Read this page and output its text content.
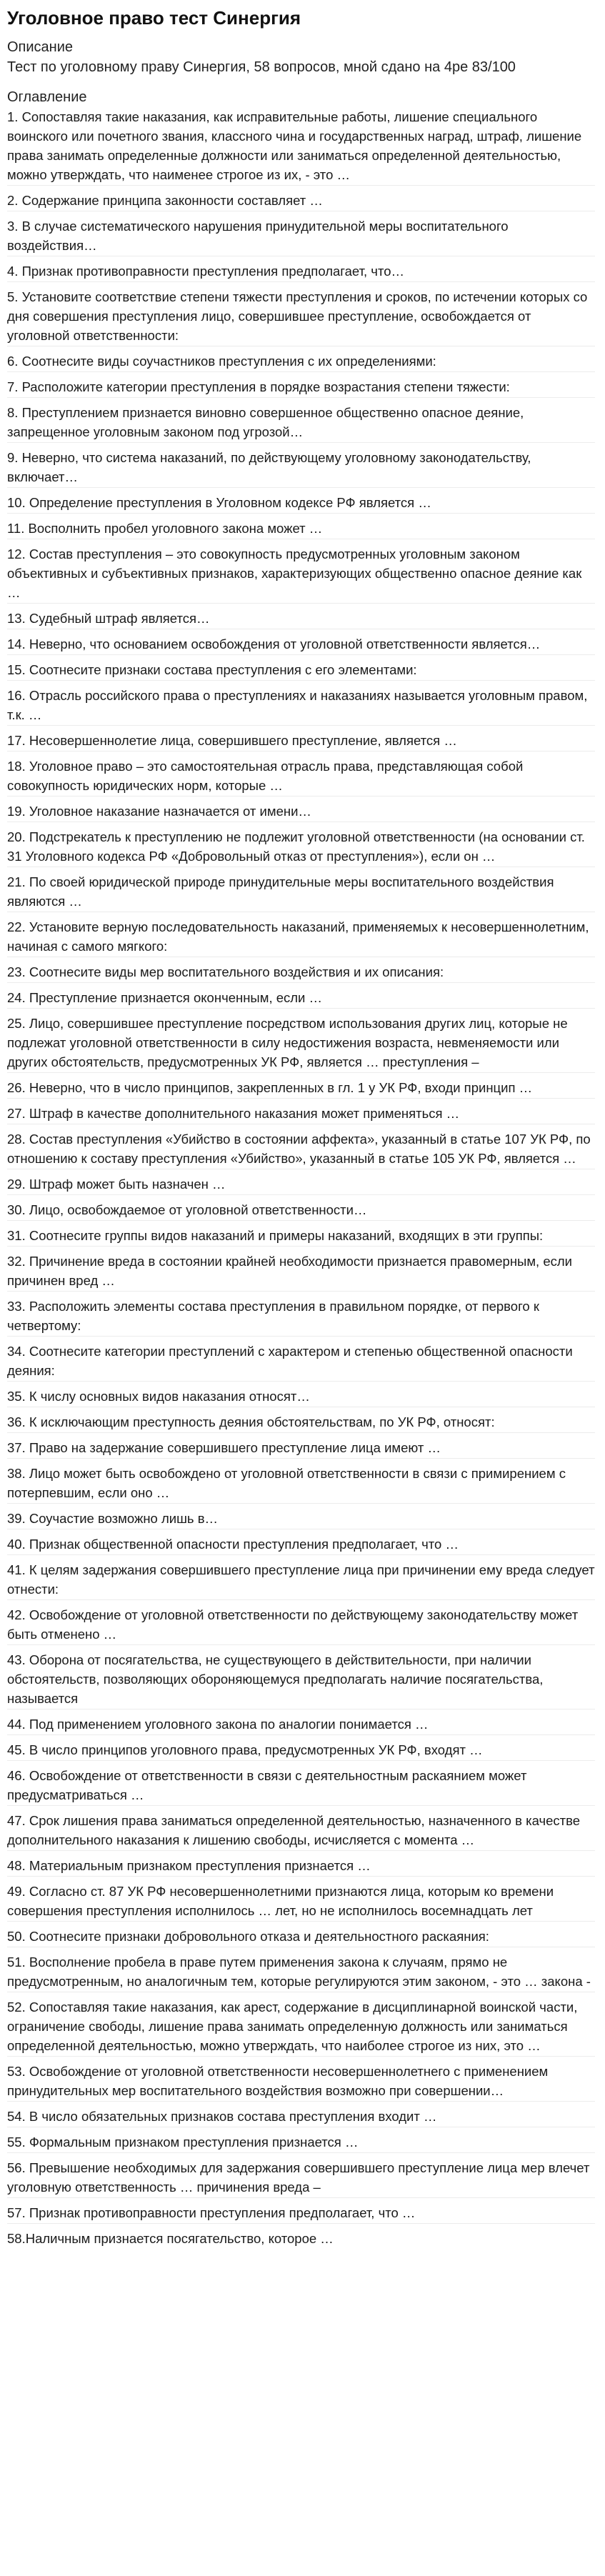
Уголовное право тест Синергия
Описание
Тест по уголовному праву Синергия, 58 вопросов, мной сдано на 4ре 83/100
Оглавление
1. Сопоставляя такие наказания, как исправительные работы, лишение специального воинского или почетного звания, классного чина и государственных наград, штраф, лишение права занимать определенные должности или заниматься определенной деятельностью, можно утверждать, что наименее строгое из их, - это …
2. Содержание принципа законности составляет …
3. В случае систематического нарушения принудительной меры воспитательного воздействия…
4. Признак противоправности преступления предполагает, что…
5. Установите соответствие степени тяжести преступления и сроков, по истечении которых со дня совершения преступления лицо, совершившее преступление, освобождается от уголовной ответственности:
6. Соотнесите виды соучастников преступления с их определениями:
7. Расположите категории преступления в порядке возрастания степени тяжести:
8. Преступлением признается виновно совершенное общественно опасное деяние, запрещенное уголовным законом под угрозой…
9. Неверно, что система наказаний, по действующему уголовному законодательству, включает…
10. Определение преступления в Уголовном кодексе РФ является …
11. Восполнить пробел уголовного закона может …
12. Состав преступления – это совокупность предусмотренных уголовным законом объективных и субъективных признаков, характеризующих общественно опасное деяние как …
13. Судебный штраф является…
14. Неверно, что основанием освобождения от уголовной ответственности является…
15. Соотнесите признаки состава преступления с его элементами:
16. Отрасль российского права о преступлениях и наказаниях называется уголовным правом, т.к. …
17. Несовершеннолетие лица, совершившего преступление, является …
18. Уголовное право – это самостоятельная отрасль права, представляющая собой совокупность юридических норм, которые …
19. Уголовное наказание назначается от имени…
20. Подстрекатель к преступлению не подлежит уголовной ответственности (на основании ст. 31 Уголовного кодекса РФ «Добровольный отказ от преступления»), если он …
21. По своей юридической природе принудительные меры воспитательного воздействия являются …
22. Установите верную последовательность наказаний, применяемых к несовершеннолетним, начиная с самого мягкого:
23. Соотнесите виды мер воспитательного воздействия и их описания:
24. Преступление признается оконченным, если …
25. Лицо, совершившее преступление посредством использования других лиц, которые не подлежат уголовной ответственности в силу недостижения возраста, невменяемости или других обстоятельств, предусмотренных УК РФ, является … преступления –
26. Неверно, что в число принципов, закрепленных в гл. 1 у УК РФ, входи принцип …
27. Штраф в качестве дополнительного наказания может применяться …
28. Состав преступления «Убийство в состоянии аффекта», указанный в статье 107 УК РФ, по отношению к составу преступления «Убийство», указанный в статье 105 УК РФ, является …
29. Штраф может быть назначен …
30. Лицо, освобождаемое от уголовной ответственности…
31. Соотнесите группы видов наказаний и примеры наказаний, входящих в эти группы:
32. Причинение вреда в состоянии крайней необходимости признается правомерным, если причинен вред …
33. Расположить элементы состава преступления в правильном порядке, от первого к четвертому:
34. Соотнесите категории преступлений с характером и степенью общественной опасности деяния:
35. К числу основных видов наказания относят…
36. К исключающим преступность деяния обстоятельствам, по УК РФ, относят:
37. Право на задержание совершившего преступление лица имеют …
38. Лицо может быть освобождено от уголовной ответственности в связи с примирением с потерпевшим, если оно …
39. Соучастие возможно лишь в…
40. Признак общественной опасности преступления предполагает, что …
41. К целям задержания совершившего преступление лица при причинении ему вреда следует отнести:
42. Освобождение от уголовной ответственности по действующему законодательству может быть отменено …
43. Оборона от посягательства, не существующего в действительности, при наличии обстоятельств, позволяющих обороняющемуся предполагать наличие посягательства, называется
44. Под применением уголовного закона по аналогии понимается …
45. В число принципов уголовного права, предусмотренных УК РФ, входят …
46. Освобождение от ответственности в связи с деятельностным раскаянием может предусматриваться …
47. Срок лишения права заниматься определенной деятельностью, назначенного в качестве дополнительного наказания к лишению свободы, исчисляется с момента …
48. Материальным признаком преступления признается …
49. Согласно ст. 87 УК РФ несовершеннолетними признаются лица, которым ко времени совершения преступления исполнилось … лет, но не исполнилось восемнадцать лет
50. Соотнесите признаки добровольного отказа и деятельностного раскаяния:
51. Восполнение пробела в праве путем применения закона к случаям, прямо не предусмотренным, но аналогичным тем, которые регулируются этим законом, - это … закона -
52. Сопоставляя такие наказания, как арест, содержание в дисциплинарной воинской части, ограничение свободы, лишение права занимать определенную должность или заниматься определенной деятельностью, можно утверждать, что наиболее строгое из них, это …
53. Освобождение от уголовной ответственности несовершеннолетнего с применением принудительных мер воспитательного воздействия возможно при совершении…
54. В число обязательных признаков состава преступления входит …
55. Формальным признаком преступления признается …
56. Превышение необходимых для задержания совершившего преступление лица мер влечет уголовную ответственность … причинения вреда –
57. Признак противоправности преступления предполагает, что …
58.Наличным признается посягательство, которое …
